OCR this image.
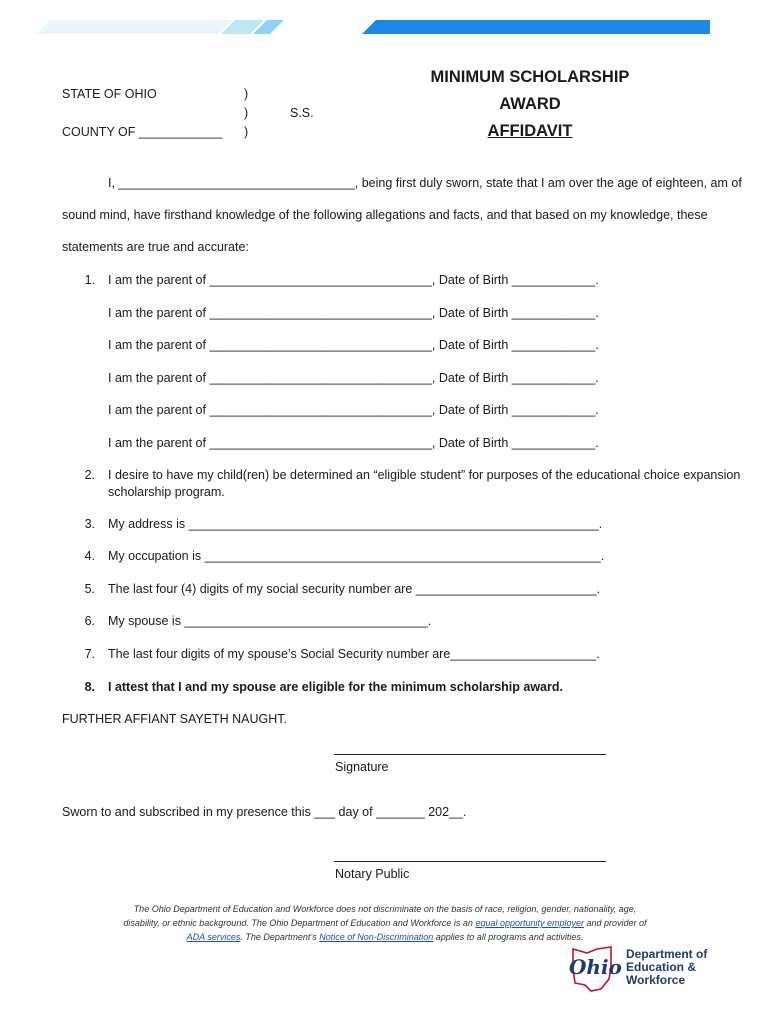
STATE OF OHIO
COUNTY OF ____________
)
)
)
S.S.
MINIMUM SCHOLARSHIP
AWARD
AFFIDAVIT
I, __________________________________, being first duly sworn, state that I am over the age of eighteen, am of
sound mind, have firsthand knowledge of the following allegations and facts, and that based on my knowledge, these
statements are true and accurate:
1. I am the parent of ________________________________, Date of Birth ____________.
I am the parent of ________________________________, Date of Birth ____________.
I am the parent of ________________________________, Date of Birth ____________.
I am the parent of ________________________________, Date of Birth ____________.
I am the parent of ________________________________, Date of Birth ____________.
I am the parent of ________________________________, Date of Birth ____________.
2. I desire to have my child(ren) be determined an “eligible student” for purposes of the educational choice expansion
scholarship program.
3. My address is ___________________________________________________________.
4. My occupation is _________________________________________________________.
5. The last four (4) digits of my social security number are __________________________.
6. My spouse is ___________________________________.
7. The last four digits of my spouse’s Social Security number are_____________________.
8. I attest that I and my spouse are eligible for the minimum scholarship award.
FURTHER AFFIANT SAYETH NAUGHT.
Signature
Sworn to and subscribed in my presence this ___ day of _______ 202__.
Notary Public
The Ohio Department of Education and Workforce does not discriminate on the basis of race, religion, gender, nationality, age,
disability, or ethnic background. The Ohio Department of Education and Workforce is an equal opportunity employer and provider of
ADA services. The Department’s Notice of Non-Discrimination applies to all programs and activities.
Ohio
Department of
Education &
Workforce
